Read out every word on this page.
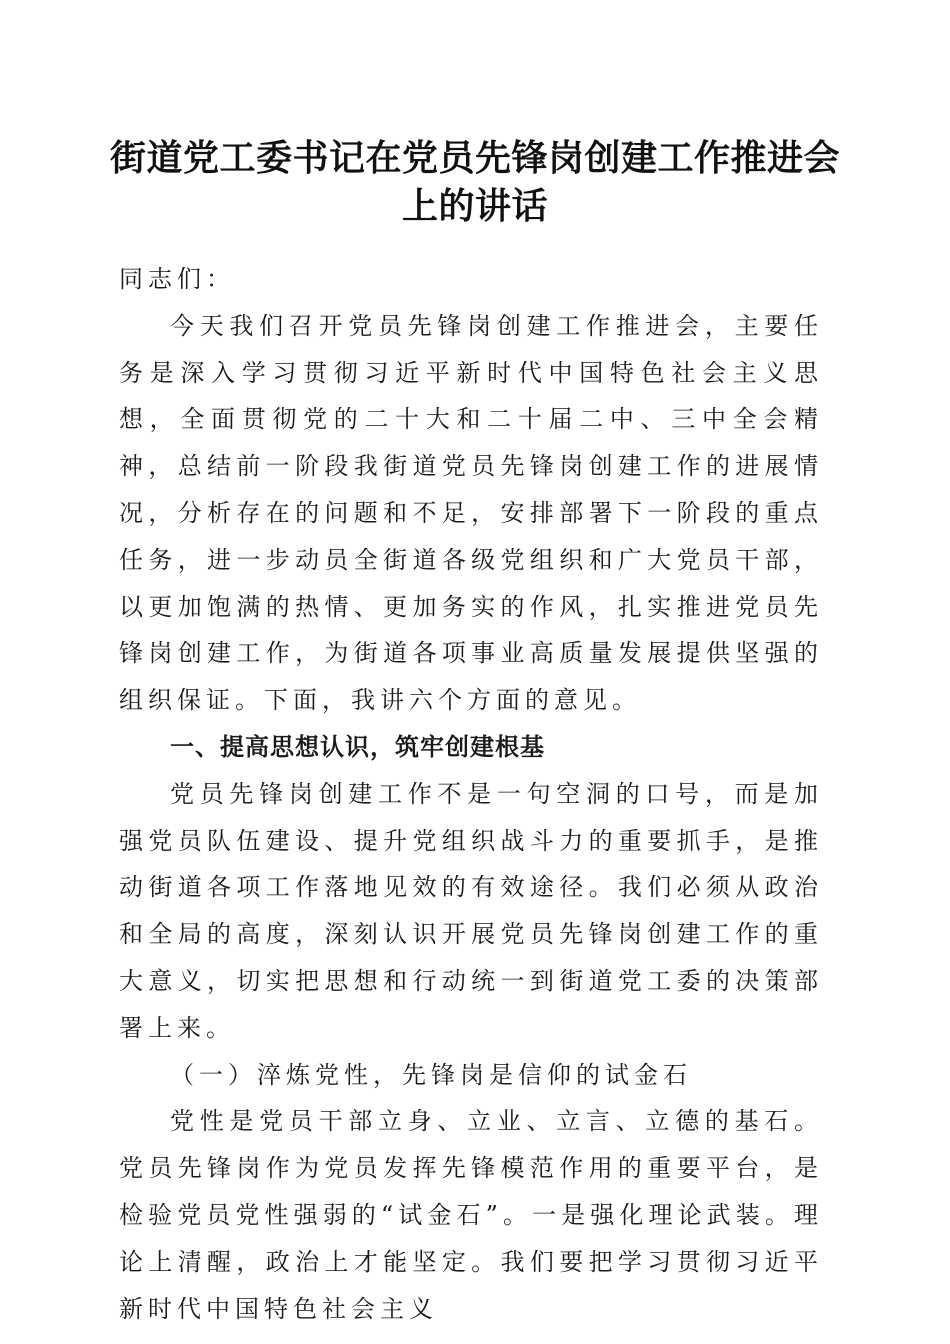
街道党工委书记在党员先锋岗创建工作推进会
上的讲话

同志们：

今天我们召开党员先锋岗创建工作推进会，主要任务是深入学习贯彻习近平新时代中国特色社会主义思想，全面贯彻党的二十大和二十届二中、三中全会精神，总结前一阶段我街道党员先锋岗创建工作的进展情况，分析存在的问题和不足，安排部署下一阶段的重点任务，进一步动员全街道各级党组织和广大党员干部，以更加饱满的热情、更加务实的作风，扎实推进党员先锋岗创建工作，为街道各项事业高质量发展提供坚强的组织保证。下面，我讲六个方面的意见。

一、提高思想认识，筑牢创建根基

党员先锋岗创建工作不是一句空洞的口号，而是加强党员队伍建设、提升党组织战斗力的重要抓手，是推动街道各项工作落地见效的有效途径。我们必须从政治和全局的高度，深刻认识开展党员先锋岗创建工作的重大意义，切实把思想和行动统一到街道党工委的决策部署上来。

（一）淬炼党性，先锋岗是信仰的试金石

党性是党员干部立身、立业、立言、立德的基石。党员先锋岗作为党员发挥先锋模范作用的重要平台，是检验党员党性强弱的“试金石”。一是强化理论武装。理论上清醒，政治上才能坚定。我们要把学习贯彻习近平新时代中国特色社会主义
